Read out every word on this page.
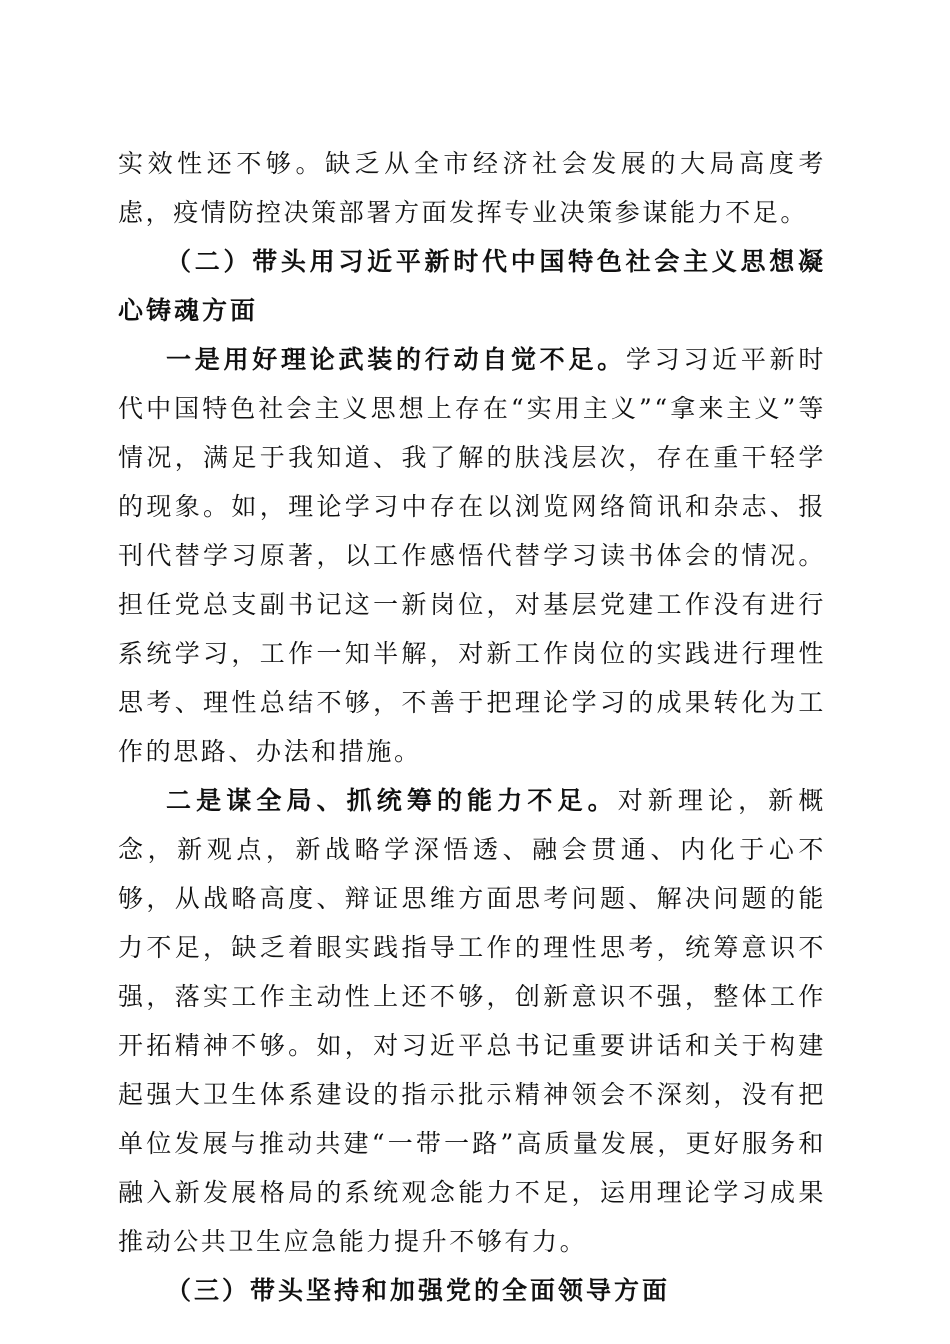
实效性还不够。缺乏从全市经济社会发展的大局高度考虑，疫情防控决策部署方面发挥专业决策参谋能力不足。

（二）带头用习近平新时代中国特色社会主义思想凝心铸魂方面

一是用好理论武装的行动自觉不足。学习习近平新时代中国特色社会主义思想上存在“实用主义”“拿来主义”等情况，满足于我知道、我了解的肤浅层次，存在重干轻学的现象。如，理论学习中存在以浏览网络简讯和杂志、报刊代替学习原著，以工作感悟代替学习读书体会的情况。担任党总支副书记这一新岗位，对基层党建工作没有进行系统学习，工作一知半解，对新工作岗位的实践进行理性思考、理性总结不够，不善于把理论学习的成果转化为工作的思路、办法和措施。

二是谋全局、抓统筹的能力不足。对新理论，新概念，新观点，新战略学深悟透、融会贯通、内化于心不够，从战略高度、辩证思维方面思考问题、解决问题的能力不足，缺乏着眼实践指导工作的理性思考，统筹意识不强，落实工作主动性上还不够，创新意识不强，整体工作开拓精神不够。如，对习近平总书记重要讲话和关于构建起强大卫生体系建设的指示批示精神领会不深刻，没有把单位发展与推动共建“一带一路”高质量发展，更好服务和融入新发展格局的系统观念能力不足，运用理论学习成果推动公共卫生应急能力提升不够有力。

（三）带头坚持和加强党的全面领导方面
